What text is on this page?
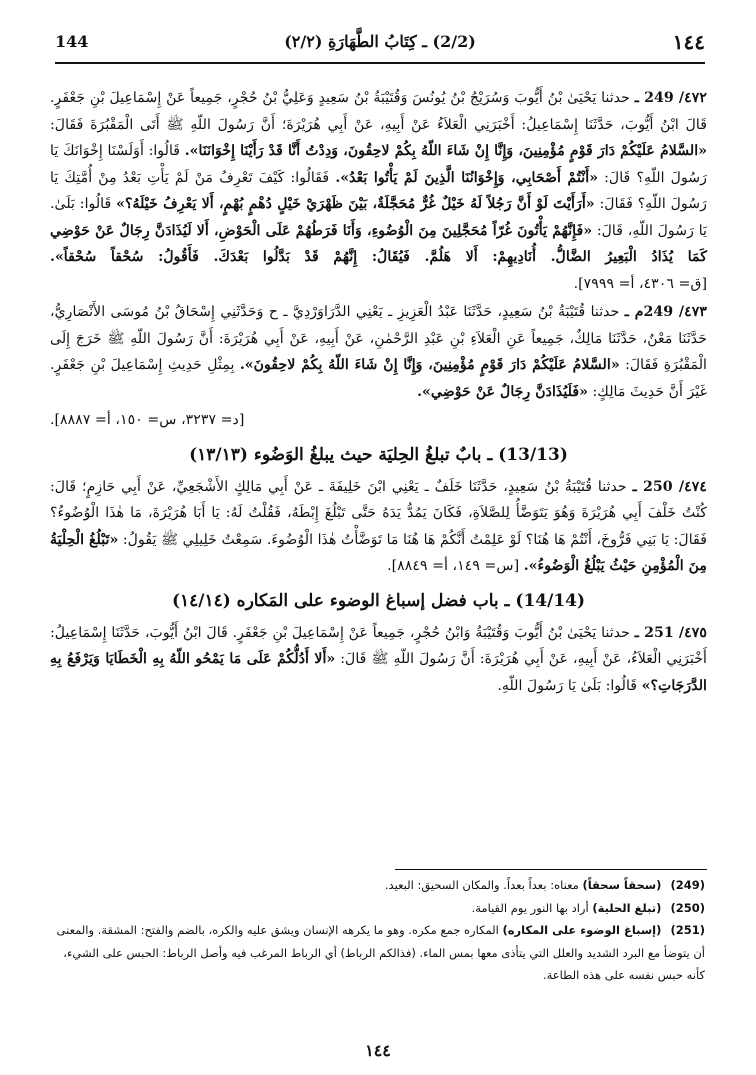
144	(2/2) ـ كِتَابُ الطَّهَارَةِ (٢/٢)	١٤٤

٤٧٢/ 249 ـ حدثنا يَحْيَىٰ بْنُ أَيُّوبَ وَسُرَيْجُ بْنُ يُونُسَ وَقُتَيْبَةُ بْنُ سَعِيدٍ وَعَلِيُّ بْنُ حُجْرٍ، جَمِيعاً عَنْ إِسْمَاعِيلَ بْنِ جَعْفَرٍ. قَالَ ابْنُ أَيُّوبَ، حَدَّثَنَا إِسْمَاعِيلُ: أَخْبَرَنِي الْعَلاَءُ عَنْ أَبِيهِ، عَنْ أَبِي هُرَيْرَةَ؛ أَنَّ رَسُولَ اللّهِ ﷺ أَتَى الْمَقْبُرَةَ فَقَالَ: «السَّلامُ عَلَيْكُمْ دَارَ قَوْمٍ مُؤْمِنِينَ، وَإِنَّا إِنْ شَاءَ اللّهُ بِكُمْ لاحِقُونَ، وَدِدْتُ أَنَّا قَدْ رَأَيْنَا إِخْوَانَنَا». قَالُوا: أَوَلَسْنَا إِخْوَانَكَ يَا رَسُولَ اللّهِ؟ قَالَ: «أَنْتُمْ أَصْحَابِي، وَإِخْوَانُنَا الَّذِينَ لَمْ يَأْتُوا بَعْدُ». فَقَالُوا: كَيْفَ تَعْرِفُ مَنْ لَمْ يَأْتِ بَعْدُ مِنْ أُمَّتِكَ يَا رَسُولَ اللّهِ؟ فَقَالَ: «أَرَأَيْتَ لَوْ أَنَّ رَجُلاً لَهُ خَيْلٌ غُرٌّ مُحَجَّلَةٌ، بَيْنَ ظَهْرَيْ خَيْلٍ دُهْمٍ بُهْمٍ، أَلا يَعْرِفُ خَيْلَهُ؟» قَالُوا: بَلَىٰ. يَا رَسُولَ اللّهِ، قَالَ: «فَإِنَّهُمْ يَأْتُونَ غُرّاً مُحَجَّلِينَ مِنَ الْوُضُوءِ، وَأَنَا فَرَطُهُمْ عَلَى الْحَوْضِ، أَلا لَيُذَادَنَّ رِجَالٌ عَنْ حَوْضِي كَمَا يُذَادُ الْبَعِيرُ الضَّالُّ. أُنَادِيهِمْ: أَلا هَلُمَّ. فَيُقَالُ: إِنَّهُمْ قَدْ بَدَّلُوا بَعْدَكَ. فَأَقُولُ: سُحْقاً سُحْقاً». [ق= ٤٣٠٦، أ= ٧٩٩٩].

٤٧٣/ 249م ـ حدثنا قُتَيْبَةُ بْنُ سَعِيدٍ، حَدَّثَنَا عَبْدُ الْعَزِيزِ ـ يَعْنِي الدَّرَاوَرْدِيَّ ـ ح وَحَدَّثَنِي إِسْحَاقُ بْنُ مُوسَى الأَنْصَارِيُّ، حَدَّثَنَا مَعْنٌ، حَدَّثَنَا مَالِكٌ، جَمِيعاً عَنِ الْعَلاَءِ بْنِ عَبْدِ الرَّحْمٰنِ، عَنْ أَبِيهِ، عَنْ أَبِي هُرَيْرَةَ: أَنَّ رَسُولَ اللّهِ ﷺ خَرَجَ إِلَى الْمَقْبُرَةِ فَقَالَ: «السَّلامُ عَلَيْكُمْ دَارَ قَوْمٍ مُؤْمِنِينَ، وَإِنَّا إِنْ شَاءَ اللّهُ بِكُمْ لاحِقُونَ». بِمِثْلِ حَدِيثِ إِسْمَاعِيلَ بْنِ جَعْفَرٍ. غَيْرَ أَنَّ حَدِيثَ مَالِكٍ: «فَلَيُذَادَنَّ رِجَالٌ عَنْ حَوْضِي».

[د= ٣٢٣٧، س= ١٥٠، أ= ٨٨٨٧].

(13/13) ـ بابٌ تبلغُ الحِليَة حيث يبلغُ الوَضُوء (١٣/١٣)

٤٧٤/ 250 ـ حدثنا قُتَيْبَةُ بْنُ سَعِيدٍ، حَدَّثَنَا خَلَفٌ ـ يَعْنِي ابْنَ خَلِيفَةَ ـ عَنْ أَبِي مَالِكٍ الأَشْجَعِيِّ، عَنْ أَبِي حَازِمٍ؛ قَالَ: كُنْتُ خَلْفَ أَبِي هُرَيْرَةَ وَهُوَ يَتَوَضَّأُ لِلصَّلاَةِ، فَكَانَ يَمُدُّ يَدَهُ حَتَّى تَبْلُغَ إِبْطَهُ، فَقُلْتُ لَهُ: يَا أَبَا هُرَيْرَةَ، مَا هٰذَا الْوُضُوءُ؟ فَقَالَ: يَا بَنِي فَرُّوخَ، أَنْتُمْ هَا هُنَا؟ لَوْ عَلِمْتُ أَنَّكُمْ هَا هُنَا مَا تَوَضَّأْتُ هٰذَا الْوُضُوءَ. سَمِعْتُ خَلِيلِي ﷺ يَقُولُ: «تَبْلُغُ الْحِلْيَةُ مِنَ الْمُؤْمِنِ حَيْثُ يَبْلُغُ الْوَضُوءُ». [س= ١٤٩، أ= ٨٨٤٩].

(14/14) ـ باب فضل إسباغ الوضوء على المَكاره (١٤/١٤)

٤٧٥/ 251 ـ حدثنا يَحْيَىٰ بْنُ أَيُّوبَ وَقُتَيْبَةُ وَابْنُ حُجْرٍ، جَمِيعاً عَنْ إِسْمَاعِيلَ بْنِ جَعْفَرٍ. قَالَ ابْنُ أَيُّوبَ، حَدَّثَنَا إِسْمَاعِيلُ: أَخْبَرَنِي الْعَلاَءُ، عَنْ أَبِيهِ، عَنْ أَبِي هُرَيْرَةَ: أَنَّ رَسُولَ اللّهِ ﷺ قَالَ: «أَلا أَدُلُّكُمْ عَلَى مَا يَمْحُو اللّهُ بِهِ الْخَطَايَا وَيَرْفَعُ بِهِ الدَّرَجَاتِ؟» قَالُوا: بَلَىٰ يَا رَسُولَ اللّهِ.

(249) (سحقاً سحقاً) معناه: بعداً بعداً. والمكان السحيق: البعيد.

(250) (تبلغ الحلية) أراد بها النور يوم القيامة.

(251) (إسباغ الوضوء على المكاره) المكاره جمع مكره. وهو ما يكرهه الإنسان ويشق عليه والكره، بالضم والفتح: المشقة. والمعنى أن يتوضأ مع البرد الشديد والعلل التي يتأذى معها بمس الماء. (فذالكم الرباط) أي الرباط المرغب فيه وأصل الرباط: الحبس على الشيء، كأنه حبس نفسه على هذه الطاعة.

١٤٤
